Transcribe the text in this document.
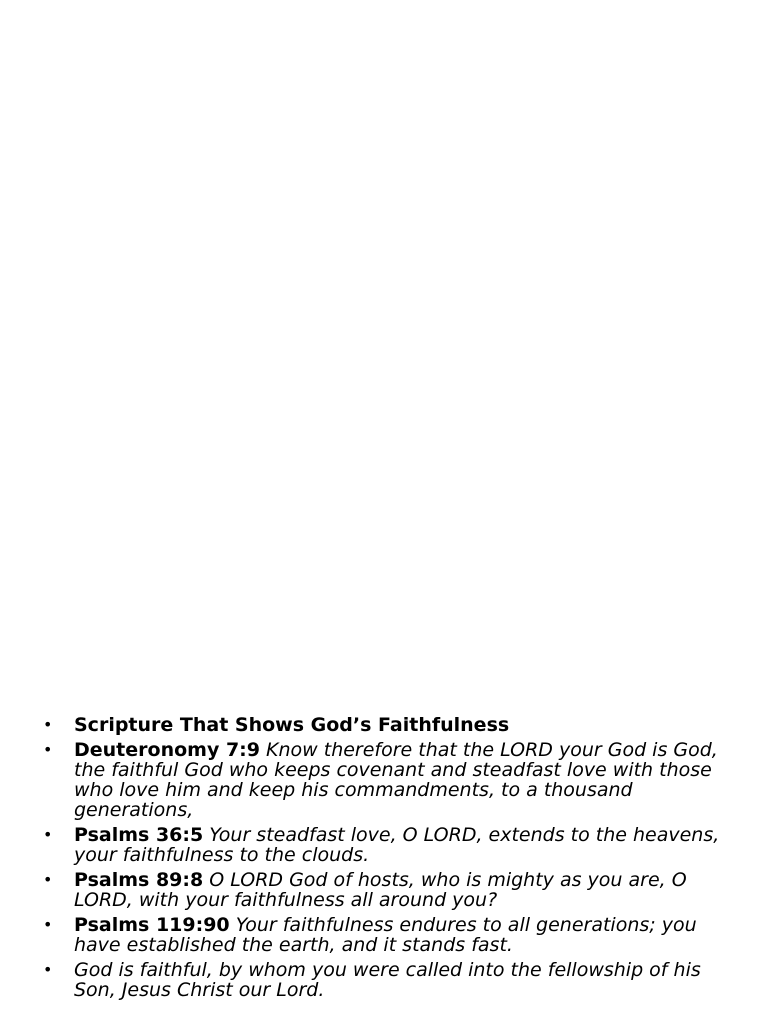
• Scripture That Shows God’s Faithfulness
• Deuteronomy 7:9 Know therefore that the LORD your God is God, the faithful God who keeps covenant and steadfast love with those who love him and keep his commandments, to a thousand generations,
• Psalms 36:5 Your steadfast love, O LORD, extends to the heavens, your faithfulness to the clouds.
• Psalms 89:8 O LORD God of hosts, who is mighty as you are, O LORD, with your faithfulness all around you?
• Psalms 119:90 Your faithfulness endures to all generations; you have established the earth, and it stands fast.
• God is faithful, by whom you were called into the fellowship of his Son, Jesus Christ our Lord.
